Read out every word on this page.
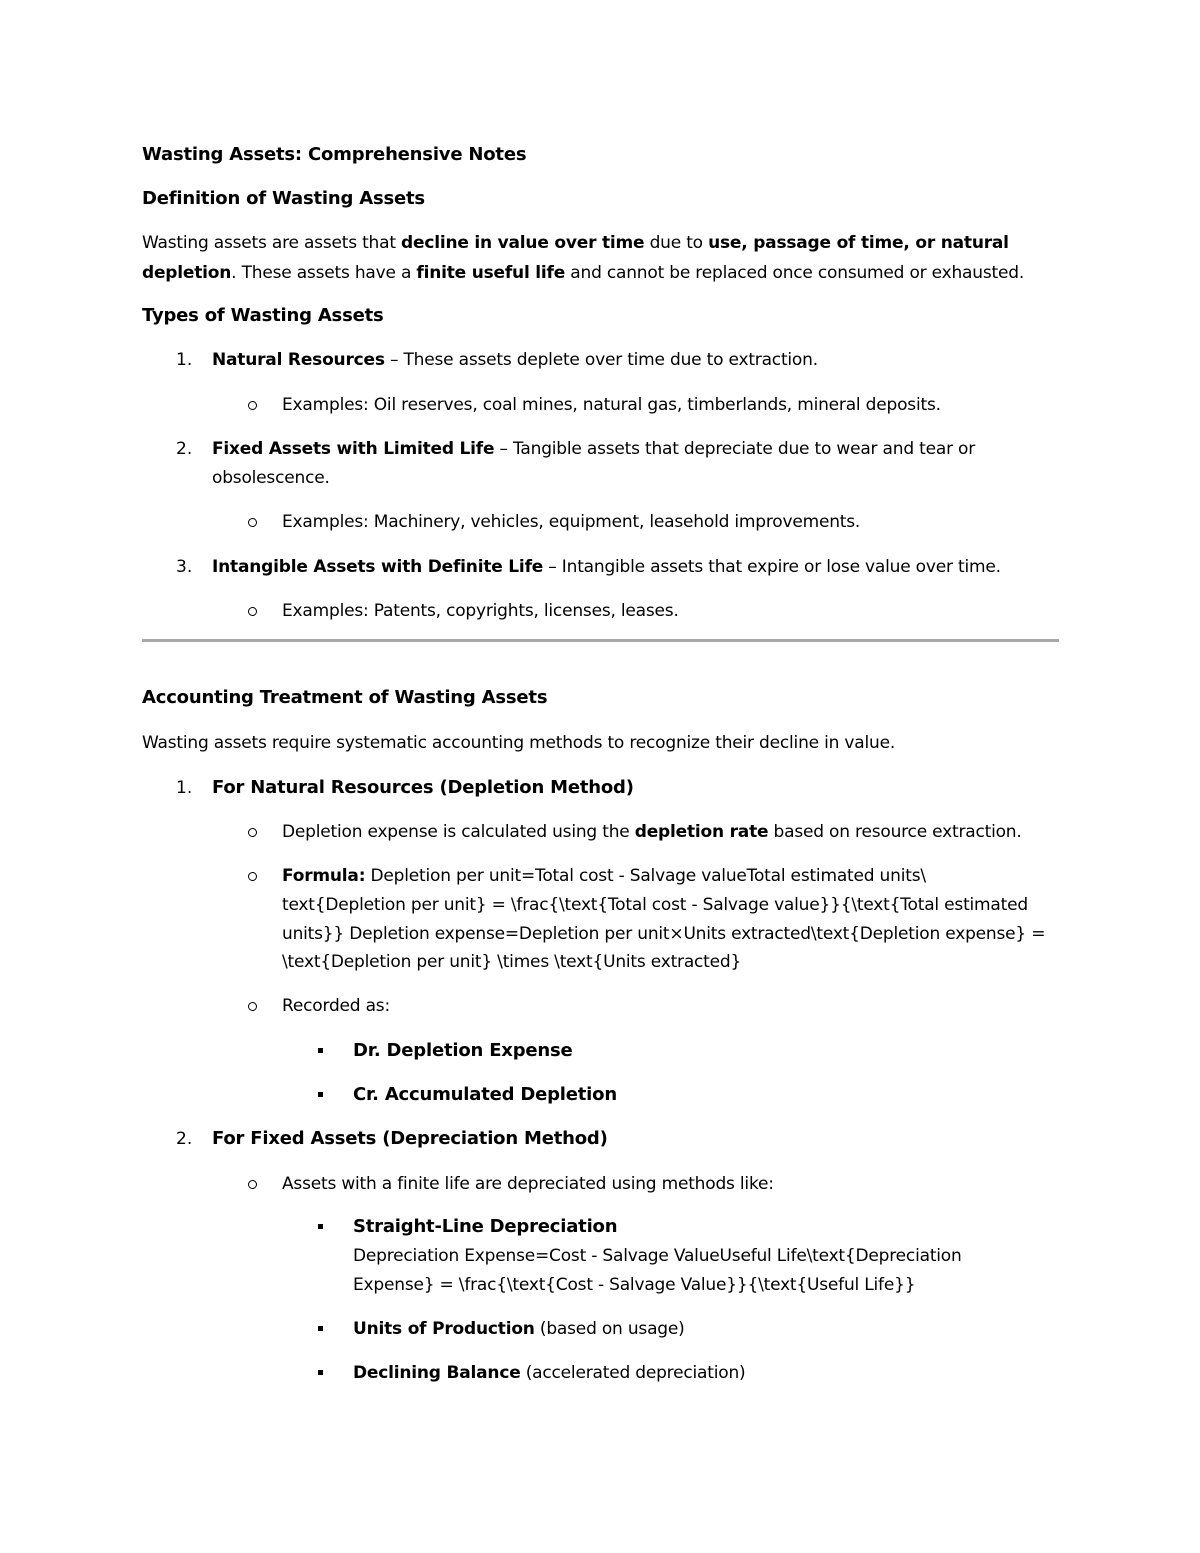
Wasting Assets: Comprehensive Notes
Definition of Wasting Assets
Wasting assets are assets that decline in value over time due to use, passage of time, or natural
depletion. These assets have a finite useful life and cannot be replaced once consumed or exhausted.
Types of Wasting Assets
1. Natural Resources – These assets deplete over time due to extraction.
Examples: Oil reserves, coal mines, natural gas, timberlands, mineral deposits.
2. Fixed Assets with Limited Life – Tangible assets that depreciate due to wear and tear or
obsolescence.
Examples: Machinery, vehicles, equipment, leasehold improvements.
3. Intangible Assets with Definite Life – Intangible assets that expire or lose value over time.
Examples: Patents, copyrights, licenses, leases.
Accounting Treatment of Wasting Assets
Wasting assets require systematic accounting methods to recognize their decline in value.
1. For Natural Resources (Depletion Method)
Depletion expense is calculated using the depletion rate based on resource extraction.
Formula: Depletion per unit=Total cost - Salvage valueTotal estimated units\
text{Depletion per unit} = \frac{\text{Total cost - Salvage value}}{\text{Total estimated
units}} Depletion expense=Depletion per unit×Units extracted\text{Depletion expense} =
\text{Depletion per unit} \times \text{Units extracted}
Recorded as:
Dr. Depletion Expense
Cr. Accumulated Depletion
2. For Fixed Assets (Depreciation Method)
Assets with a finite life are depreciated using methods like:
Straight-Line Depreciation
Depreciation Expense=Cost - Salvage ValueUseful Life\text{Depreciation
Expense} = \frac{\text{Cost - Salvage Value}}{\text{Useful Life}}
Units of Production (based on usage)
Declining Balance (accelerated depreciation)
